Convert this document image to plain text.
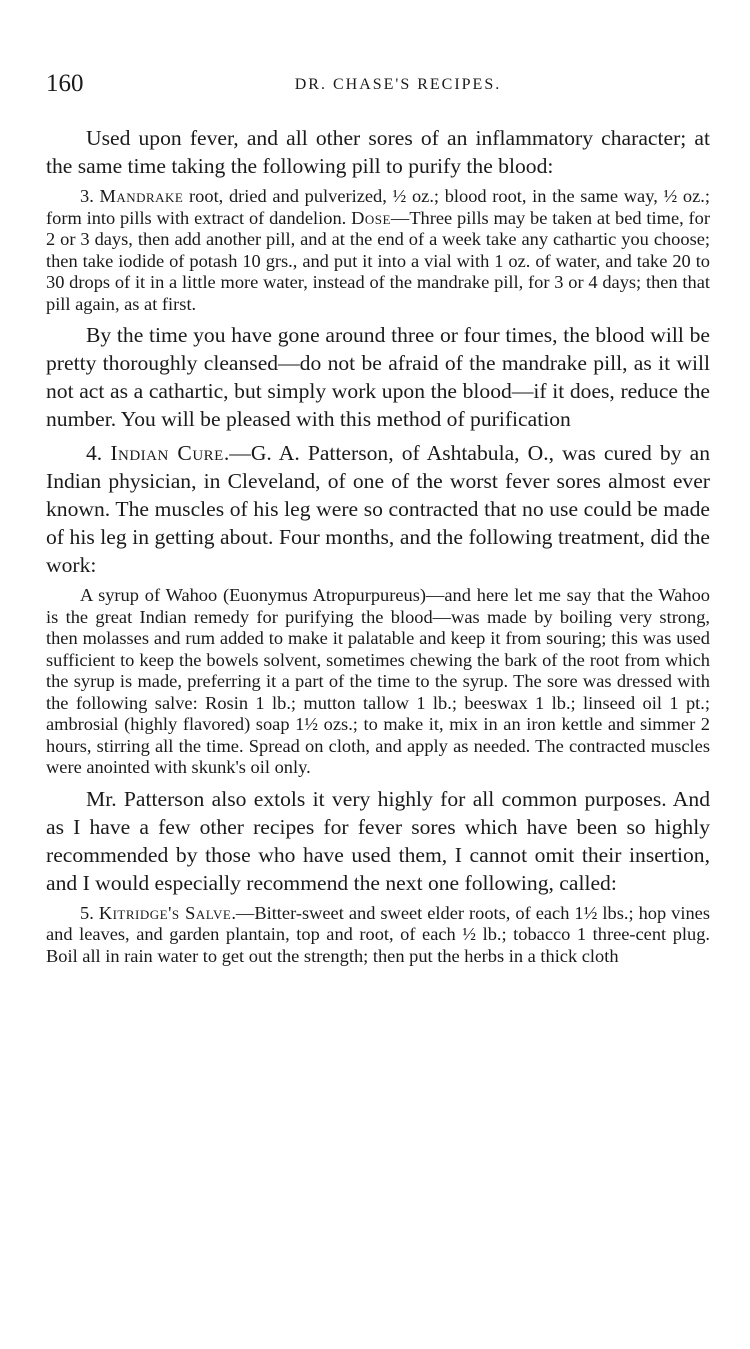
160	DR. CHASE'S RECIPES.

Used upon fever, and all other sores of an inflammatory character; at the same time taking the following pill to purify the blood:

3. Mandrake root, dried and pulverized, ½ oz.; blood root, in the same way, ½ oz.; form into pills with extract of dandelion. Dose—Three pills may be taken at bed time, for 2 or 3 days, then add another pill, and at the end of a week take any cathartic you choose; then take iodide of potash 10 grs., and put it into a vial with 1 oz. of water, and take 20 to 30 drops of it in a little more water, instead of the mandrake pill, for 3 or 4 days; then that pill again, as at first.

By the time you have gone around three or four times, the blood will be pretty thoroughly cleansed—do not be afraid of the mandrake pill, as it will not act as a cathartic, but simply work upon the blood—if it does, reduce the number. You will be pleased with this method of purification

4. Indian Cure.—G. A. Patterson, of Ashtabula, O., was cured by an Indian physician, in Cleveland, of one of the worst fever sores almost ever known. The muscles of his leg were so contracted that no use could be made of his leg in getting about. Four months, and the following treatment, did the work:

A syrup of Wahoo (Euonymus Atropurpureus)—and here let me say that the Wahoo is the great Indian remedy for purifying the blood—was made by boiling very strong, then molasses and rum added to make it palatable and keep it from souring; this was used sufficient to keep the bowels solvent, sometimes chewing the bark of the root from which the syrup is made, preferring it a part of the time to the syrup. The sore was dressed with the following salve: Rosin 1 lb.; mutton tallow 1 lb.; beeswax 1 lb.; linseed oil 1 pt.; ambrosial (highly flavored) soap 1½ ozs.; to make it, mix in an iron kettle and simmer 2 hours, stirring all the time. Spread on cloth, and apply as needed. The contracted muscles were anointed with skunk's oil only.

Mr. Patterson also extols it very highly for all common purposes. And as I have a few other recipes for fever sores which have been so highly recommended by those who have used them, I cannot omit their insertion, and I would especially recommend the next one following, called:

5. Kitridge's Salve.—Bitter-sweet and sweet elder roots, of each 1½ lbs.; hop vines and leaves, and garden plantain, top and root, of each ½ lb.; tobacco 1 three-cent plug. Boil all in rain water to get out the strength; then put the herbs in a thick cloth
